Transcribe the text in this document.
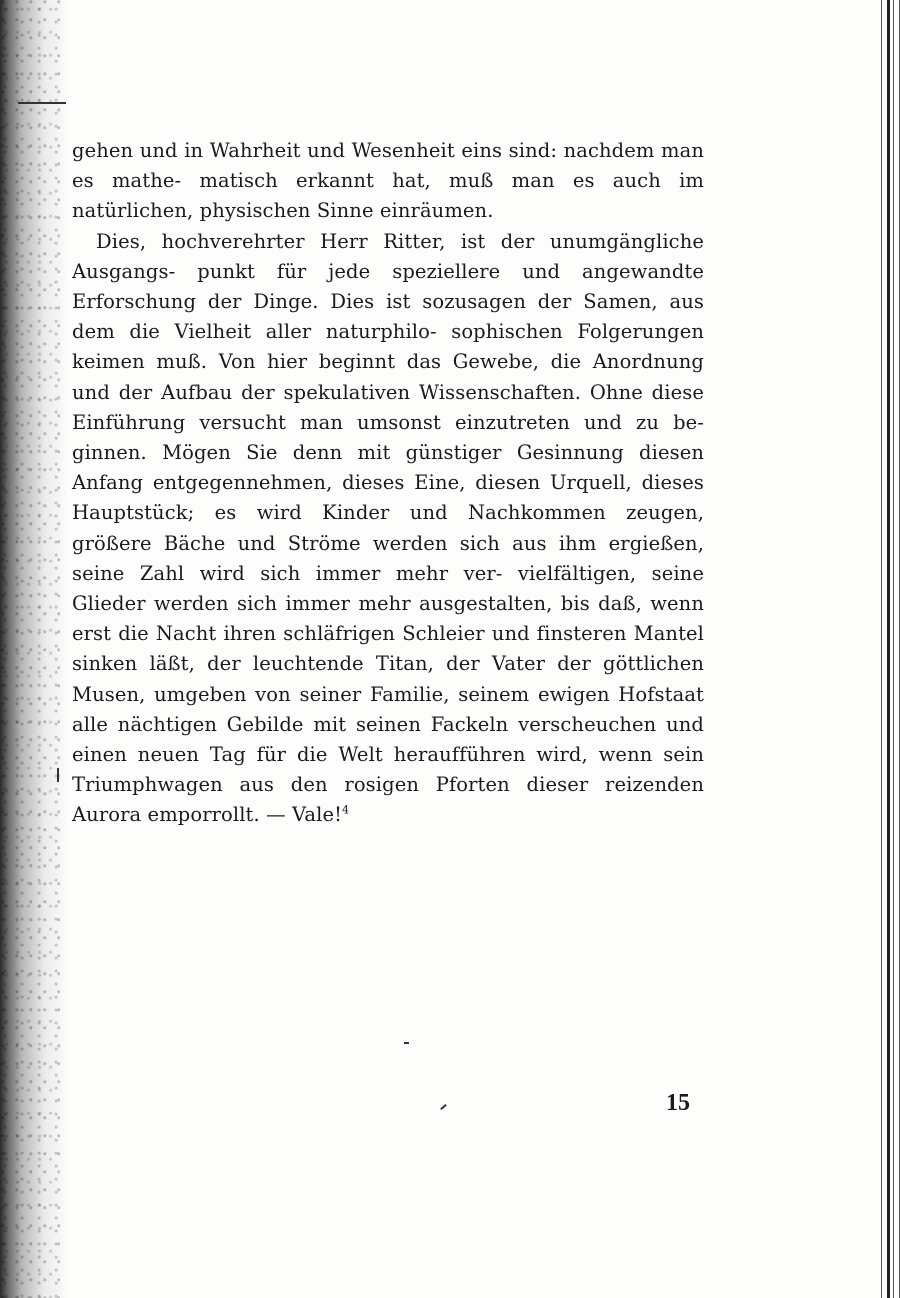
gehen und in Wahrheit und Wesenheit eins sind: nachdem man es mathe- matisch erkannt hat, muß man es auch im natürlichen, physischen Sinne einräumen.

Dies, hochverehrter Herr Ritter, ist der unumgängliche Ausgangs- punkt für jede speziellere und angewandte Erforschung der Dinge. Dies ist sozusagen der Samen, aus dem die Vielheit aller naturphilo- sophischen Folgerungen keimen muß. Von hier beginnt das Gewebe, die Anordnung und der Aufbau der spekulativen Wissenschaften. Ohne diese Einführung versucht man umsonst einzutreten und zu be- ginnen. Mögen Sie denn mit günstiger Gesinnung diesen Anfang entgegennehmen, dieses Eine, diesen Urquell, dieses Hauptstück; es wird Kinder und Nachkommen zeugen, größere Bäche und Ströme werden sich aus ihm ergießen, seine Zahl wird sich immer mehr ver- vielfältigen, seine Glieder werden sich immer mehr ausgestalten, bis daß, wenn erst die Nacht ihren schläfrigen Schleier und finsteren Mantel sinken läßt, der leuchtende Titan, der Vater der göttlichen Musen, umgeben von seiner Familie, seinem ewigen Hofstaat alle nächtigen Gebilde mit seinen Fackeln verscheuchen und einen neuen Tag für die Welt heraufführen wird, wenn sein Triumphwagen aus den rosigen Pforten dieser reizenden Aurora emporrollt. — Vale!$^4$

15
